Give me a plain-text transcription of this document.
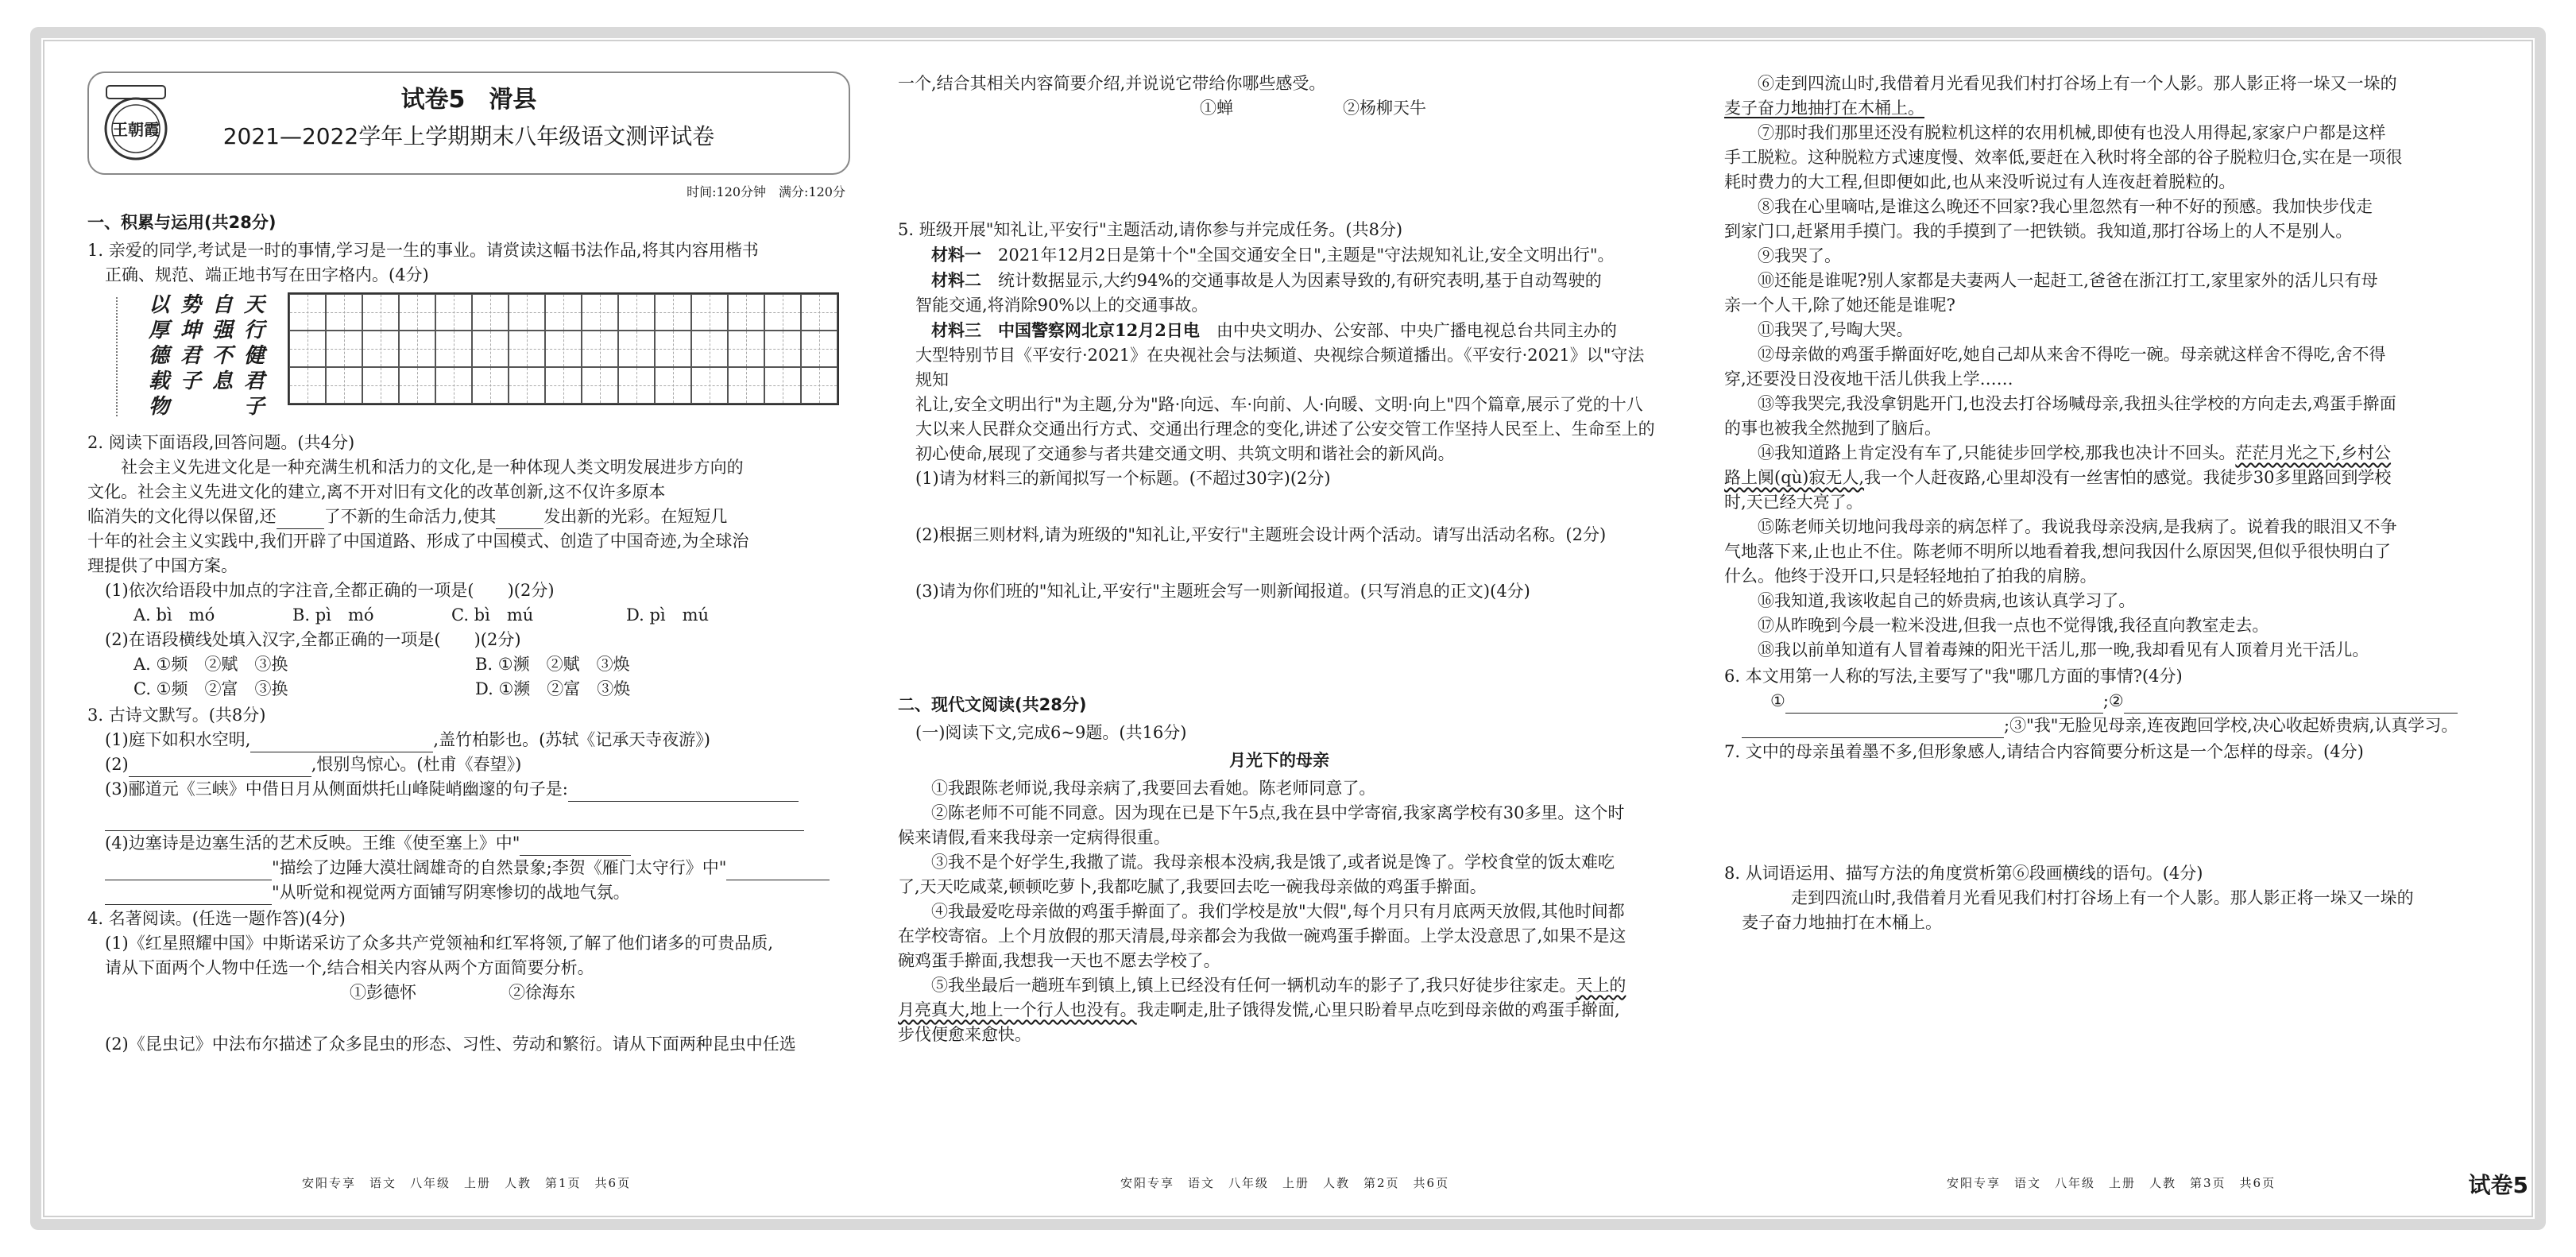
王朝霞
试卷5　滑县
2021—2022学年上学期期末八年级语文测评试卷
时间:120分钟　满分:120分
一、积累与运用(共28分)
1. 亲爱的同学,考试是一时的事情,学习是一生的事业。请赏读这幅书法作品,将其内容用楷书
正确、规范、端正地书写在田字格内。(4分)
天行健君子
自强不息
势坤君子
以厚德载物
2. 阅读下面语段,回答问题。(共4分)
社会主义先进文化是一种充满生机和活力的文化,是一种体现人类文明发展进步方向的
文化。社会主义先进文化的建立,离不开对旧有文化的改革创新,这不仅许多原本
临消失的文化得以保留,还	了不新的生命活力,使其	发出新的光彩。在短短几
十年的社会主义实践中,我们开辟了中国道路、形成了中国模式、创造了中国奇迹,为全球治
理提供了中国方案。
(1)依次给语段中加点的字注音,全都正确的一项是(　　)(2分)
A. bì　mó	B. pì　mó	C. bì　mú	D. pì　mú
(2)在语段横线处填入汉字,全都正确的一项是(　　)(2分)
A. ①频　②赋　③换	B. ①濒　②赋　③焕
C. ①频　②富　③换	D. ①濒　②富　③焕
3. 古诗文默写。(共8分)
(1)庭下如积水空明,	,盖竹柏影也。(苏轼《记承天寺夜游》)
(2)	,恨别鸟惊心。(杜甫《春望》)
(3)郦道元《三峡》中借日月从侧面烘托山峰陡峭幽邃的句子是:
(4)边塞诗是边塞生活的艺术反映。王维《使至塞上》中"
"描绘了边陲大漠壮阔雄奇的自然景象;李贺《雁门太守行》中"
"从听觉和视觉两方面铺写阴寒惨切的战地气氛。
4. 名著阅读。(任选一题作答)(4分)
(1)《红星照耀中国》中斯诺采访了众多共产党领袖和红军将领,了解了他们诸多的可贵品质,
请从下面两个人物中任选一个,结合相关内容从两个方面简要分析。
①彭德怀	②徐海东
(2)《昆虫记》中法布尔描述了众多昆虫的形态、习性、劳动和繁衍。请从下面两种昆虫中任选
一个,结合其相关内容简要介绍,并说说它带给你哪些感受。
①蝉	②杨柳天牛
5. 班级开展"知礼让,平安行"主题活动,请你参与并完成任务。(共8分)
材料一　 2021年12月2日是第十个"全国交通安全日",主题是"守法规知礼让,安全文明出行"。
材料二　 统计数据显示,大约94%的交通事故是人为因素导致的,有研究表明,基于自动驾驶的
智能交通,将消除90%以上的交通事故。
材料三　中国警察网北京12月2日电　 由中央文明办、公安部、中央广播电视总台共同主办的
大型特别节目《平安行·2021》在央视社会与法频道、央视综合频道播出。《平安行·2021》以"守法规知
礼让,安全文明出行"为主题,分为"路·向远、车·向前、人·向暖、文明·向上"四个篇章,展示了党的十八
大以来人民群众交通出行方式、交通出行理念的变化,讲述了公安交管工作坚持人民至上、生命至上的
初心使命,展现了交通参与者共建交通文明、共筑文明和谐社会的新风尚。
(1)请为材料三的新闻拟写一个标题。(不超过30字)(2分)
(2)根据三则材料,请为班级的"知礼让,平安行"主题班会设计两个活动。请写出活动名称。(2分)
(3)请为你们班的"知礼让,平安行"主题班会写一则新闻报道。(只写消息的正文)(4分)
二、现代文阅读(共28分)
(一)阅读下文,完成6~9题。(共16分)
月光下的母亲
①我跟陈老师说,我母亲病了,我要回去看她。陈老师同意了。
②陈老师不可能不同意。因为现在已是下午5点,我在县中学寄宿,我家离学校有30多里。这个时
候来请假,看来我母亲一定病得很重。
③我不是个好学生,我撒了谎。我母亲根本没病,我是饿了,或者说是馋了。学校食堂的饭太难吃
了,天天吃咸菜,顿顿吃萝卜,我都吃腻了,我要回去吃一碗我母亲做的鸡蛋手擀面。
④我最爱吃母亲做的鸡蛋手擀面了。我们学校是放"大假",每个月只有月底两天放假,其他时间都
在学校寄宿。上个月放假的那天清晨,母亲都会为我做一碗鸡蛋手擀面。上学太没意思了,如果不是这
碗鸡蛋手擀面,我想我一天也不愿去学校了。
⑤我坐最后一趟班车到镇上,镇上已经没有任何一辆机动车的影子了,我只好徒步往家走。天上的
月亮真大,地上一个行人也没有。我走啊走,肚子饿得发慌,心里只盼着早点吃到母亲做的鸡蛋手擀面,
步伐便愈来愈快。
⑥走到四流山时,我借着月光看见我们村打谷场上有一个人影。那人影正将一垛又一垛的
麦子奋力地抽打在木桶上。
⑦那时我们那里还没有脱粒机这样的农用机械,即使有也没人用得起,家家户户都是这样
手工脱粒。这种脱粒方式速度慢、效率低,要赶在入秋时将全部的谷子脱粒归仓,实在是一项很
耗时费力的大工程,但即便如此,也从来没听说过有人连夜赶着脱粒的。
⑧我在心里嘀咕,是谁这么晚还不回家?我心里忽然有一种不好的预感。我加快步伐走
到家门口,赶紧用手摸门。我的手摸到了一把铁锁。我知道,那打谷场上的人不是别人。
⑨我哭了。
⑩还能是谁呢?别人家都是夫妻两人一起赶工,爸爸在浙江打工,家里家外的活儿只有母
亲一个人干,除了她还能是谁呢?
⑪我哭了,号啕大哭。
⑫母亲做的鸡蛋手擀面好吃,她自己却从来舍不得吃一碗。母亲就这样舍不得吃,舍不得
穿,还要没日没夜地干活儿供我上学……
⑬等我哭完,我没拿钥匙开门,也没去打谷场喊母亲,我扭头往学校的方向走去,鸡蛋手擀面
的事也被我全然抛到了脑后。
⑭我知道路上肯定没有车了,只能徒步回学校,那我也决计不回头。茫茫月光之下,乡村公
路上阒(qù)寂无人,我一个人赶夜路,心里却没有一丝害怕的感觉。我徒步30多里路回到学校
时,天已经大亮了。
⑮陈老师关切地问我母亲的病怎样了。我说我母亲没病,是我病了。说着我的眼泪又不争
气地落下来,止也止不住。陈老师不明所以地看着我,想问我因什么原因哭,但似乎很快明白了
什么。他终于没开口,只是轻轻地拍了拍我的肩膀。
⑯我知道,我该收起自己的娇贵病,也该认真学习了。
⑰从昨晚到今晨一粒米没进,但我一点也不觉得饿,我径直向教室走去。
⑱我以前单知道有人冒着毒辣的阳光干活儿,那一晚,我却看见有人顶着月光干活儿。
6. 本文用第一人称的写法,主要写了"我"哪几方面的事情?(4分)
①	;②
;③"我"无脸见母亲,连夜跑回学校,决心收起娇贵病,认真学习。
7. 文中的母亲虽着墨不多,但形象感人,请结合内容简要分析这是一个怎样的母亲。(4分)
8. 从词语运用、描写方法的角度赏析第⑥段画横线的语句。(4分)
走到四流山时,我借着月光看见我们村打谷场上有一个人影。那人影正将一垛又一垛的
麦子奋力地抽打在木桶上。
安阳专享　语文　八年级　上册　人教　第1页　共6页	安阳专享　语文　八年级　上册　人教　第2页　共6页	安阳专享　语文　八年级　上册　人教　第3页　共6页	试卷5
